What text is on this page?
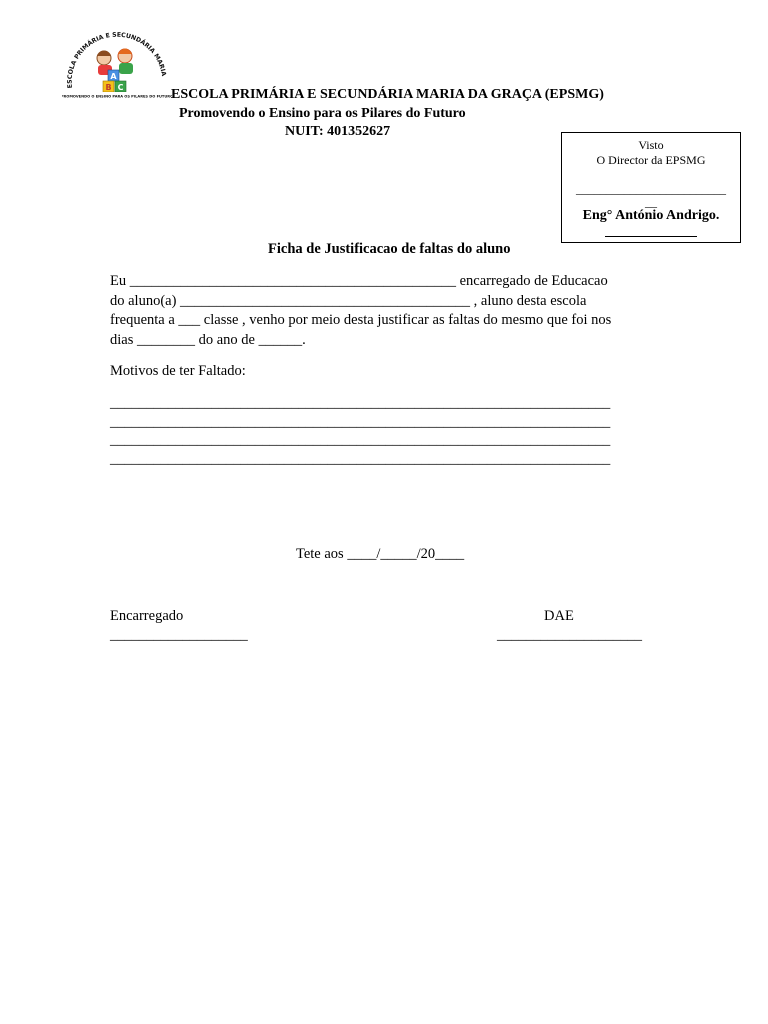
ESCOLA PRIMÁRIA E SECUNDÁRIA MARIA
A
B C
PROMOVENDO O ENSINO PARA OS PILARES DO FUTURO
ESCOLA PRIMÁRIA E SECUNDÁRIA MARIA DA GRAÇA (EPSMG)
Promovendo o Ensino para os Pilares do Futuro
NUIT: 401352627
Visto
O Director da EPSMG
_________________________
__
Eng° António Andrigo.
Ficha de Justificacao de faltas do aluno
Eu _____________________________________________ encarregado de Educacao
do aluno(a) ________________________________________ , aluno desta escola
frequenta a ___ classe , venho por meio desta justificar as faltas do mesmo que foi nos
dias ________ do ano de ______.
Motivos de ter Faltado:
_____________________________________________________________________
_____________________________________________________________________
_____________________________________________________________________
_____________________________________________________________________
Tete aos ____/_____/20____
Encarregado
___________________
DAE
____________________
